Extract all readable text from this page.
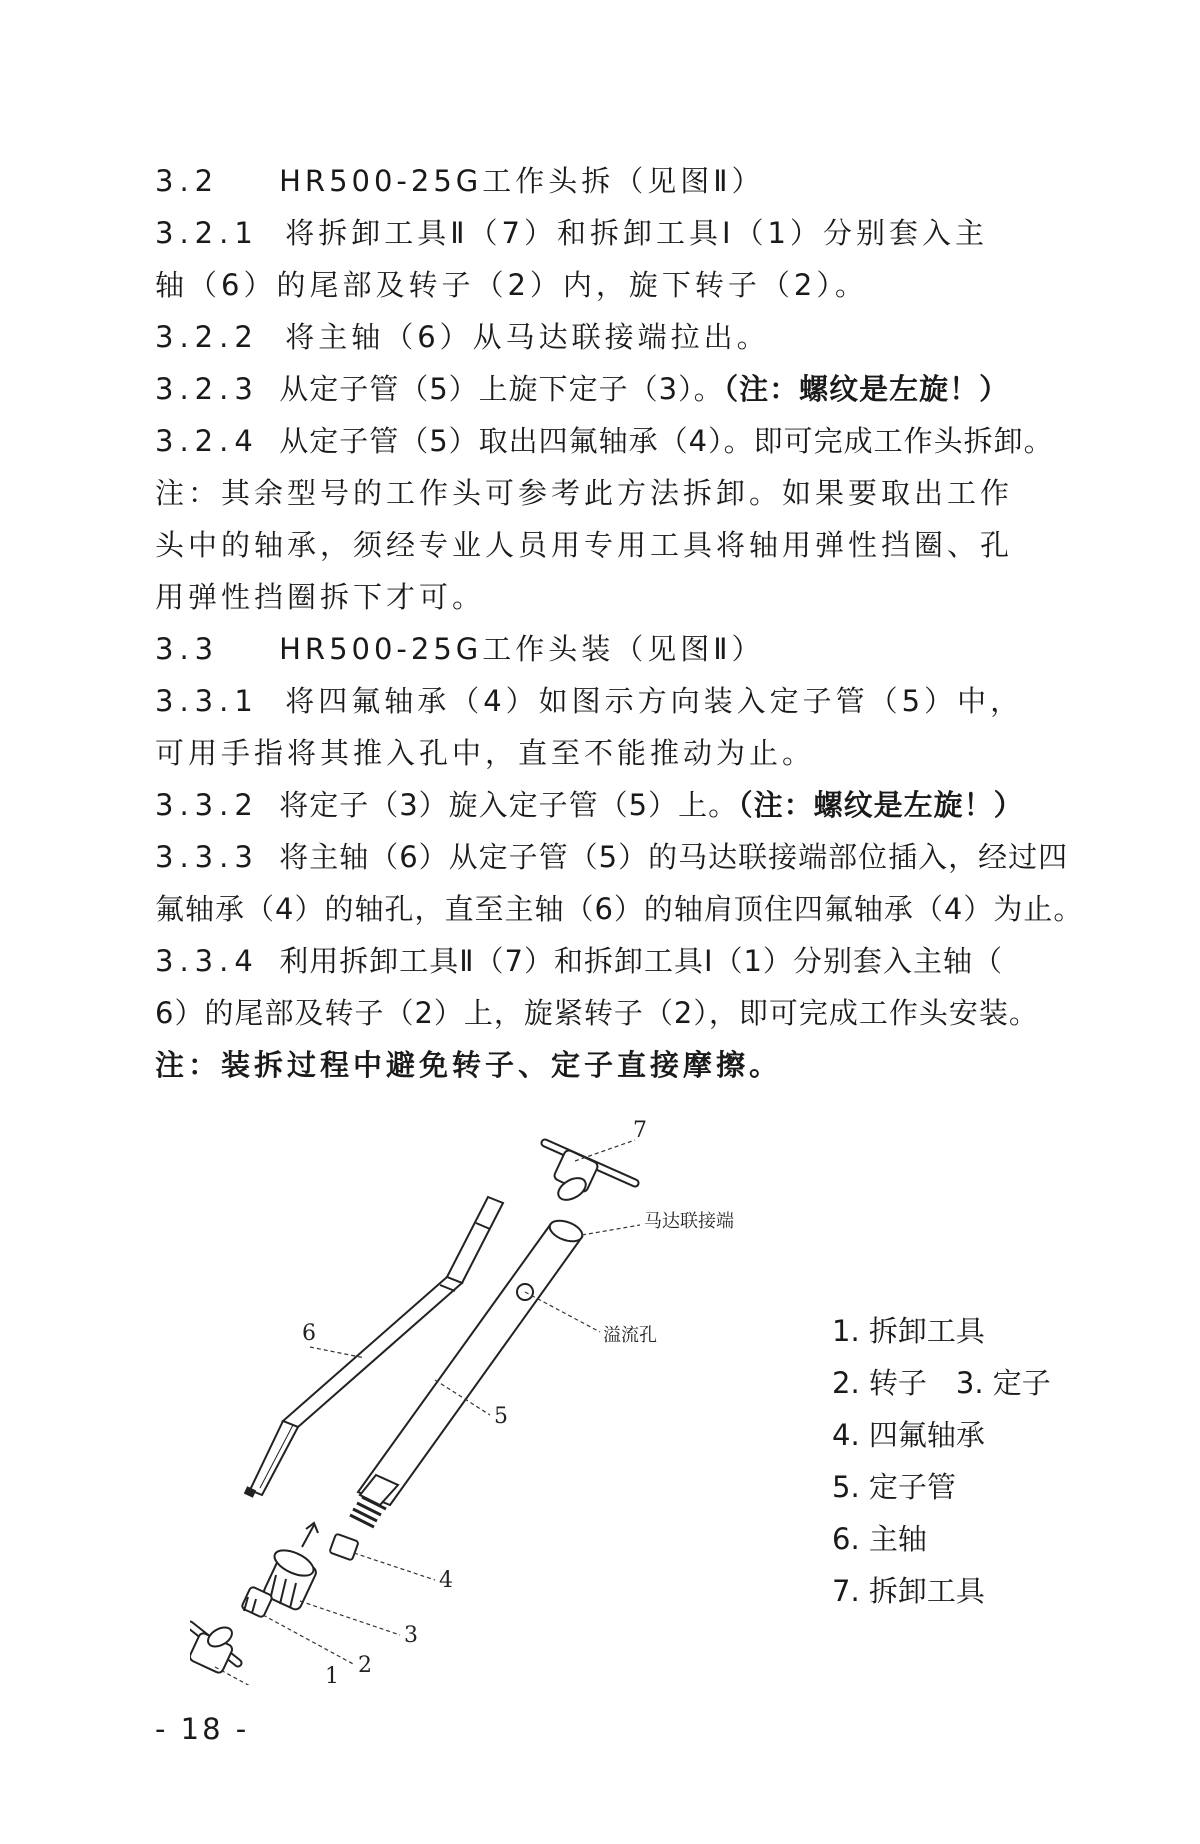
3.2 HR500-25G工作头拆（见图Ⅱ）
3.2.1 将拆卸工具Ⅱ（7）和拆卸工具Ⅰ（1）分别套入主
轴（6）的尾部及转子（2）内，旋下转子（2）。
3.2.2 将主轴（6）从马达联接端拉出。
3.2.3 从定子管（5）上旋下定子（3）。（注：螺纹是左旋！）
3.2.4 从定子管（5）取出四氟轴承（4）。即可完成工作头拆卸。
注：其余型号的工作头可参考此方法拆卸。如果要取出工作
头中的轴承，须经专业人员用专用工具将轴用弹性挡圈、孔
用弹性挡圈拆下才可。
3.3 HR500-25G工作头装（见图Ⅱ）
3.3.1 将四氟轴承（4）如图示方向装入定子管（5）中，
可用手指将其推入孔中，直至不能推动为止。
3.3.2 将定子（3）旋入定子管（5）上。（注：螺纹是左旋！）
3.3.3 将主轴（6）从定子管（5）的马达联接端部位插入，经过四
氟轴承（4）的轴孔，直至主轴（6）的轴肩顶住四氟轴承（4）为止。
3.3.4 利用拆卸工具Ⅱ（7）和拆卸工具Ⅰ（1）分别套入主轴（
6）的尾部及转子（2）上，旋紧转子（2），即可完成工作头安装。
注：装拆过程中避免转子、定子直接摩擦。
7
马达联接端
溢流孔
6
5
4
3
2
1
1. 拆卸工具
2. 转子　3. 定子
4. 四氟轴承
5. 定子管
6. 主轴
7. 拆卸工具
- 18 -
